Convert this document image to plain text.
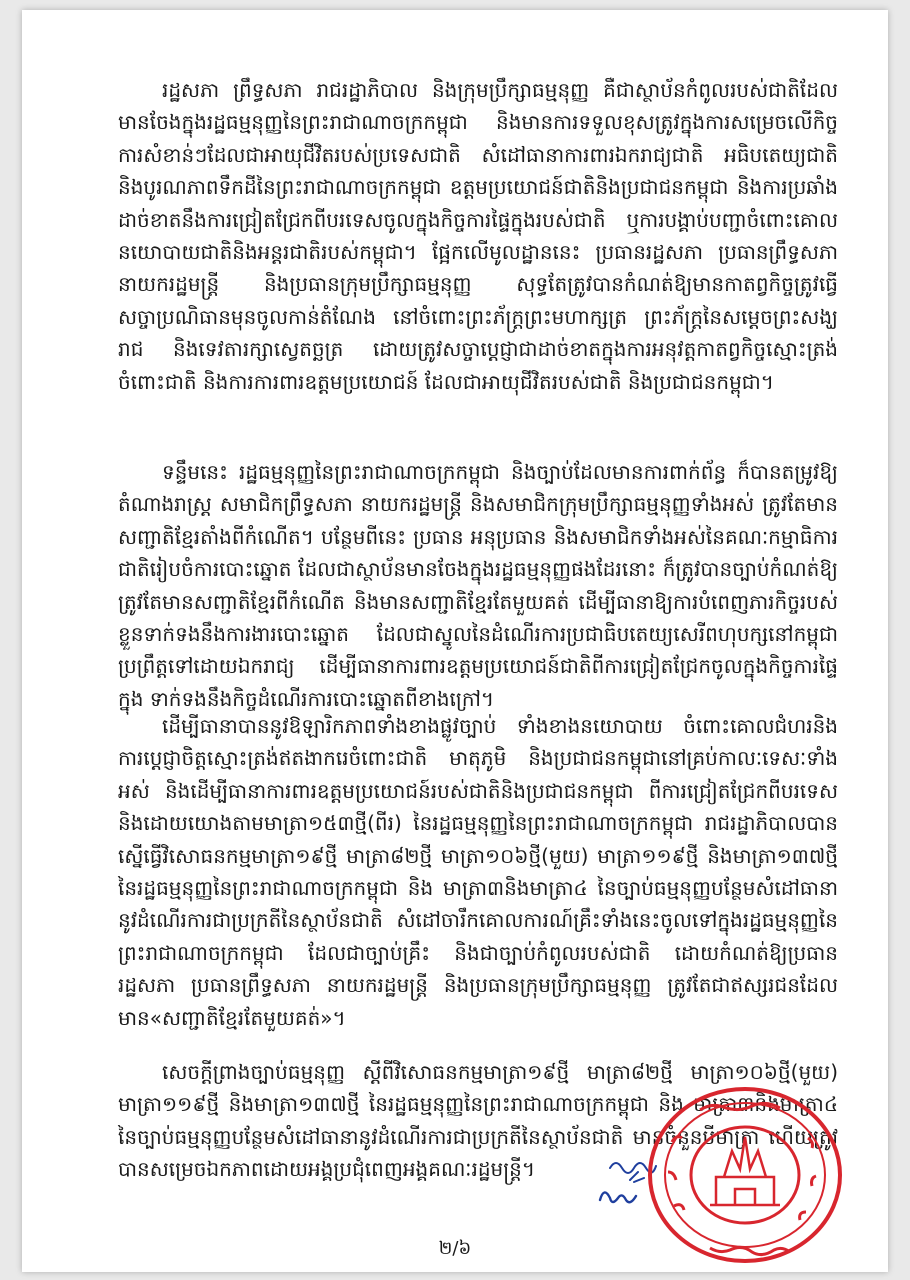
រដ្ឋសភា ព្រឹទ្ធសភា រាជរដ្ឋាភិបាល និងក្រុមប្រឹក្សាធម្មនុញ្ញ គឺជាស្ថាប័នកំពូលរបស់ជាតិដែលមានចែងក្នុងរដ្ឋធម្មនុញ្ញនៃព្រះរាជាណាចក្រកម្ពុជា និងមានការទទួលខុសត្រូវក្នុងការសម្រេចលើកិច្ចការសំខាន់ៗដែលជាអាយុជីវិតរបស់ប្រទេសជាតិ សំដៅធានាការពារឯករាជ្យជាតិ អធិបតេយ្យជាតិ និងបូរណភាពទឹកដីនៃព្រះរាជាណាចក្រកម្ពុជា ឧត្តមប្រយោជន៍ជាតិនិងប្រជាជនកម្ពុជា និងការប្រឆាំងដាច់ខាតនឹងការជ្រៀតជ្រែកពីបរទេសចូលក្នុងកិច្ចការផ្ទៃក្នុងរបស់ជាតិ ឬការបង្គាប់បញ្ជាចំពោះគោលនយោបាយជាតិនិងអន្តរជាតិរបស់កម្ពុជា។ ផ្អែកលើមូលដ្ឋាននេះ ប្រធានរដ្ឋសភា ប្រធានព្រឹទ្ធសភា នាយករដ្ឋមន្ត្រី និងប្រធានក្រុមប្រឹក្សាធម្មនុញ្ញ សុទ្ធតែត្រូវបានកំណត់ឱ្យមានកាតព្វកិច្ចត្រូវធ្វើសច្ចាប្រណិធានមុនចូលកាន់តំណែង នៅចំពោះព្រះភ័ក្រ្តព្រះមហាក្សត្រ ព្រះភ័ក្ត្រនៃសម្តេចព្រះសង្ឃរាជ និងទេវតារក្សាស្វេតច្ឆត្រ ដោយត្រូវសច្ចាប្តេជ្ញាជាដាច់ខាតក្នុងការអនុវត្តកាតព្វកិច្ចស្មោះត្រង់ចំពោះជាតិ និងការការពារឧត្តមប្រយោជន៍ ដែលជាអាយុជីវិតរបស់ជាតិ និងប្រជាជនកម្ពុជា។

ទន្ទឹមនេះ រដ្ឋធម្មនុញ្ញនៃព្រះរាជាណាចក្រកម្ពុជា និងច្បាប់ដែលមានការពាក់ព័ន្ធ ក៏បានតម្រូវឱ្យតំណាងរាស្ត្រ សមាជិកព្រឹទ្ធសភា នាយករដ្ឋមន្ត្រី និងសមាជិកក្រុមប្រឹក្សាធម្មនុញ្ញទាំងអស់ ត្រូវតែមានសញ្ជាតិខ្មែរតាំងពីកំណើត។ បន្ថែមពីនេះ ប្រធាន អនុប្រធាន និងសមាជិកទាំងអស់នៃគណៈកម្មាធិការជាតិរៀបចំការបោះឆ្នោត ដែលជាស្ថាប័នមានចែងក្នុងរដ្ឋធម្មនុញ្ញផងដែរនោះ ក៏ត្រូវបានច្បាប់កំណត់ឱ្យត្រូវតែមានសញ្ជាតិខ្មែរពីកំណើត និងមានសញ្ជាតិខ្មែរតែមួយគត់ ដើម្បីធានាឱ្យការបំពេញភារកិច្ចរបស់ខ្លួនទាក់ទងនឹងការងារបោះឆ្នោត ដែលជាស្នូលនៃដំណើរការប្រជាធិបតេយ្យសេរីពហុបក្សនៅកម្ពុជា ប្រព្រឹត្តទៅដោយឯករាជ្យ ដើម្បីធានាការពារឧត្តមប្រយោជន៍ជាតិពីការជ្រៀតជ្រែកចូលក្នុងកិច្ចការផ្ទៃក្នុង ទាក់ទងនឹងកិច្ចដំណើរការបោះឆ្នោតពីខាងក្រៅ។

ដើម្បីធានាបាននូវឱឡារិកភាពទាំងខាងផ្លូវច្បាប់ ទាំងខាងនយោបាយ ចំពោះគោលជំហរនិងការប្តេជ្ញាចិត្តស្មោះត្រង់ឥតងាករេចំពោះជាតិ មាតុភូមិ និងប្រជាជនកម្ពុជានៅគ្រប់កាលៈទេសៈទាំងអស់ និងដើម្បីធានាការពារឧត្តមប្រយោជន៍របស់ជាតិនិងប្រជាជនកម្ពុជា ពីការជ្រៀតជ្រែកពីបរទេស និងដោយយោងតាមមាត្រា១៥៣ថ្មី(ពីរ) នៃរដ្ឋធម្មនុញ្ញនៃព្រះរាជាណាចក្រកម្ពុជា រាជរដ្ឋាភិបាលបានស្នើធ្វើវិសោធនកម្មមាត្រា១៩ថ្មី មាត្រា៨២ថ្មី មាត្រា១០៦ថ្មី(មួយ) មាត្រា១១៩ថ្មី និងមាត្រា១៣៧ថ្មី នៃរដ្ឋធម្មនុញ្ញនៃព្រះរាជាណាចក្រកម្ពុជា និង មាត្រា៣និងមាត្រា៤ នៃច្បាប់ធម្មនុញ្ញបន្ថែមសំដៅធានានូវដំណើរការជាប្រក្រតីនៃស្ថាប័នជាតិ សំដៅចារឹកគោលការណ៍គ្រឹះទាំងនេះចូលទៅក្នុងរដ្ឋធម្មនុញ្ញនៃព្រះរាជាណាចក្រកម្ពុជា ដែលជាច្បាប់គ្រឹះ និងជាច្បាប់កំពូលរបស់ជាតិ ដោយកំណត់ឱ្យប្រធានរដ្ឋសភា ប្រធានព្រឹទ្ធសភា នាយករដ្ឋមន្ត្រី និងប្រធានក្រុមប្រឹក្សាធម្មនុញ្ញ ត្រូវតែជាឥស្សរជនដែលមាន«សញ្ជាតិខ្មែរតែមួយគត់»។

សេចក្តីព្រាងច្បាប់ធម្មនុញ្ញ ស្តីពីវិសោធនកម្មមាត្រា១៩ថ្មី មាត្រា៨២ថ្មី មាត្រា១០៦ថ្មី(មួយ) មាត្រា១១៩ថ្មី និងមាត្រា១៣៧ថ្មី នៃរដ្ឋធម្មនុញ្ញនៃព្រះរាជាណាចក្រកម្ពុជា និង មាត្រា៣និងមាត្រា៤ នៃច្បាប់ធម្មនុញ្ញបន្ថែមសំដៅធានានូវដំណើរការជាប្រក្រតីនៃស្ថាប័នជាតិ មានចំនួនបីមាត្រា ហើយត្រូវបានសម្រេចឯកភាពដោយអង្គប្រជុំពេញអង្គគណៈរដ្ឋមន្ត្រី។

២/៦
